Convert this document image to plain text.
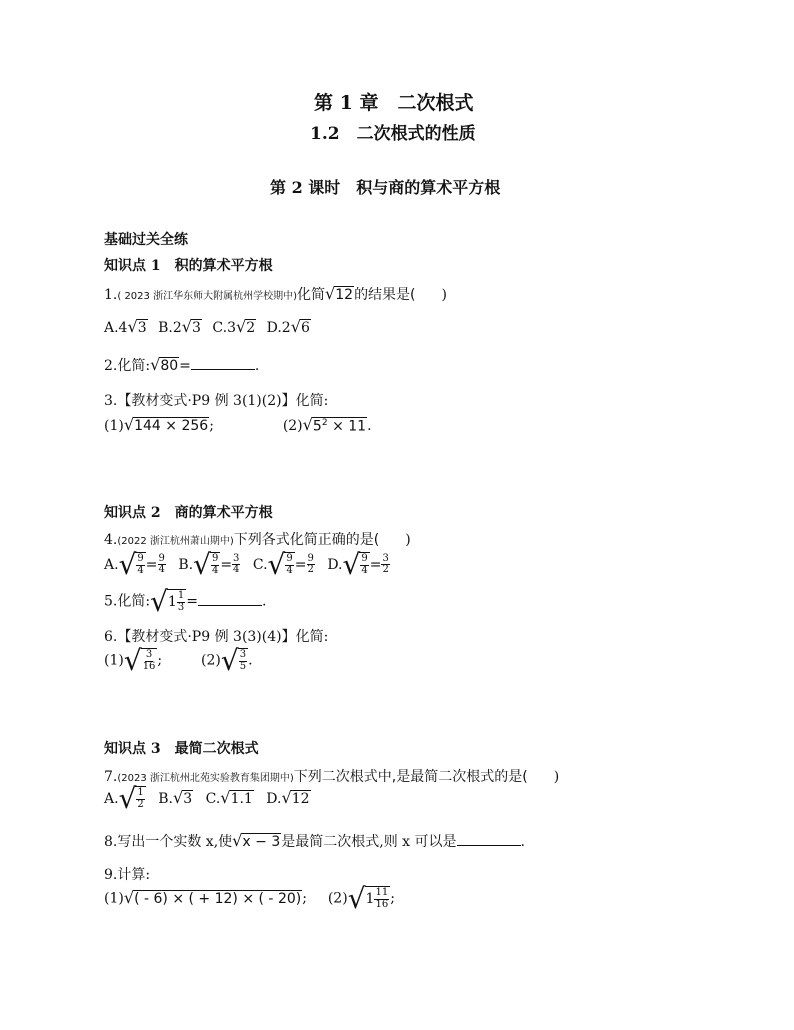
第 1 章　二次根式
1.2　二次根式的性质
第 2 课时　积与商的算术平方根
基础过关全练
知识点 1　积的算术平方根
1.( 2023 浙江华东师大附属杭州学校期中)化简 √ 12 的结果是( )
A.4 √ 3 B.2 √ 3 C.3 √ 2 D.2 √ 6
2.化简: √ 80 =	.
3.【教材变式·P9 例 3(1)(2)】化简:
(1) √ 144 × 256 ;	(2) √ $5^2 \times 11$ .
知识点 2　商的算术平方根
4.(2022 浙江杭州萧山期中)下列各式化简正确的是( )
A. √ $\frac{9}{4} = \frac{9}{4} B$. √ $\frac{9}{4} = \frac{3}{4} C$. √ $\frac{9}{4} = \frac{9}{2} D$. √ $\frac{9}{4} = \frac{3}{2}$
5.化简: √ $1 \frac{1}{3}$ =	.
6.【教材变式·P9 例 3(3)(4)】化简:
(1) √ $\frac{3}{16}$ ;	(2) √ $\frac{3}{5}$ .
知识点 3　最简二次根式
7.(2023 浙江杭州北苑实验教育集团期中)下列二次根式中,是最简二次根式的是( )
A. √ $\frac{1}{2} B$. √ 3 C. √ 1.1 D. √ 12
8.写出一个实数 x,使 √ x − 3 是最简二次根式,则 x 可以是	.
9.计算:
(1) √ ( - 6) × ( + 12) × ( - 20) ; (2) √ $1 \frac{11}{16}$ ;
